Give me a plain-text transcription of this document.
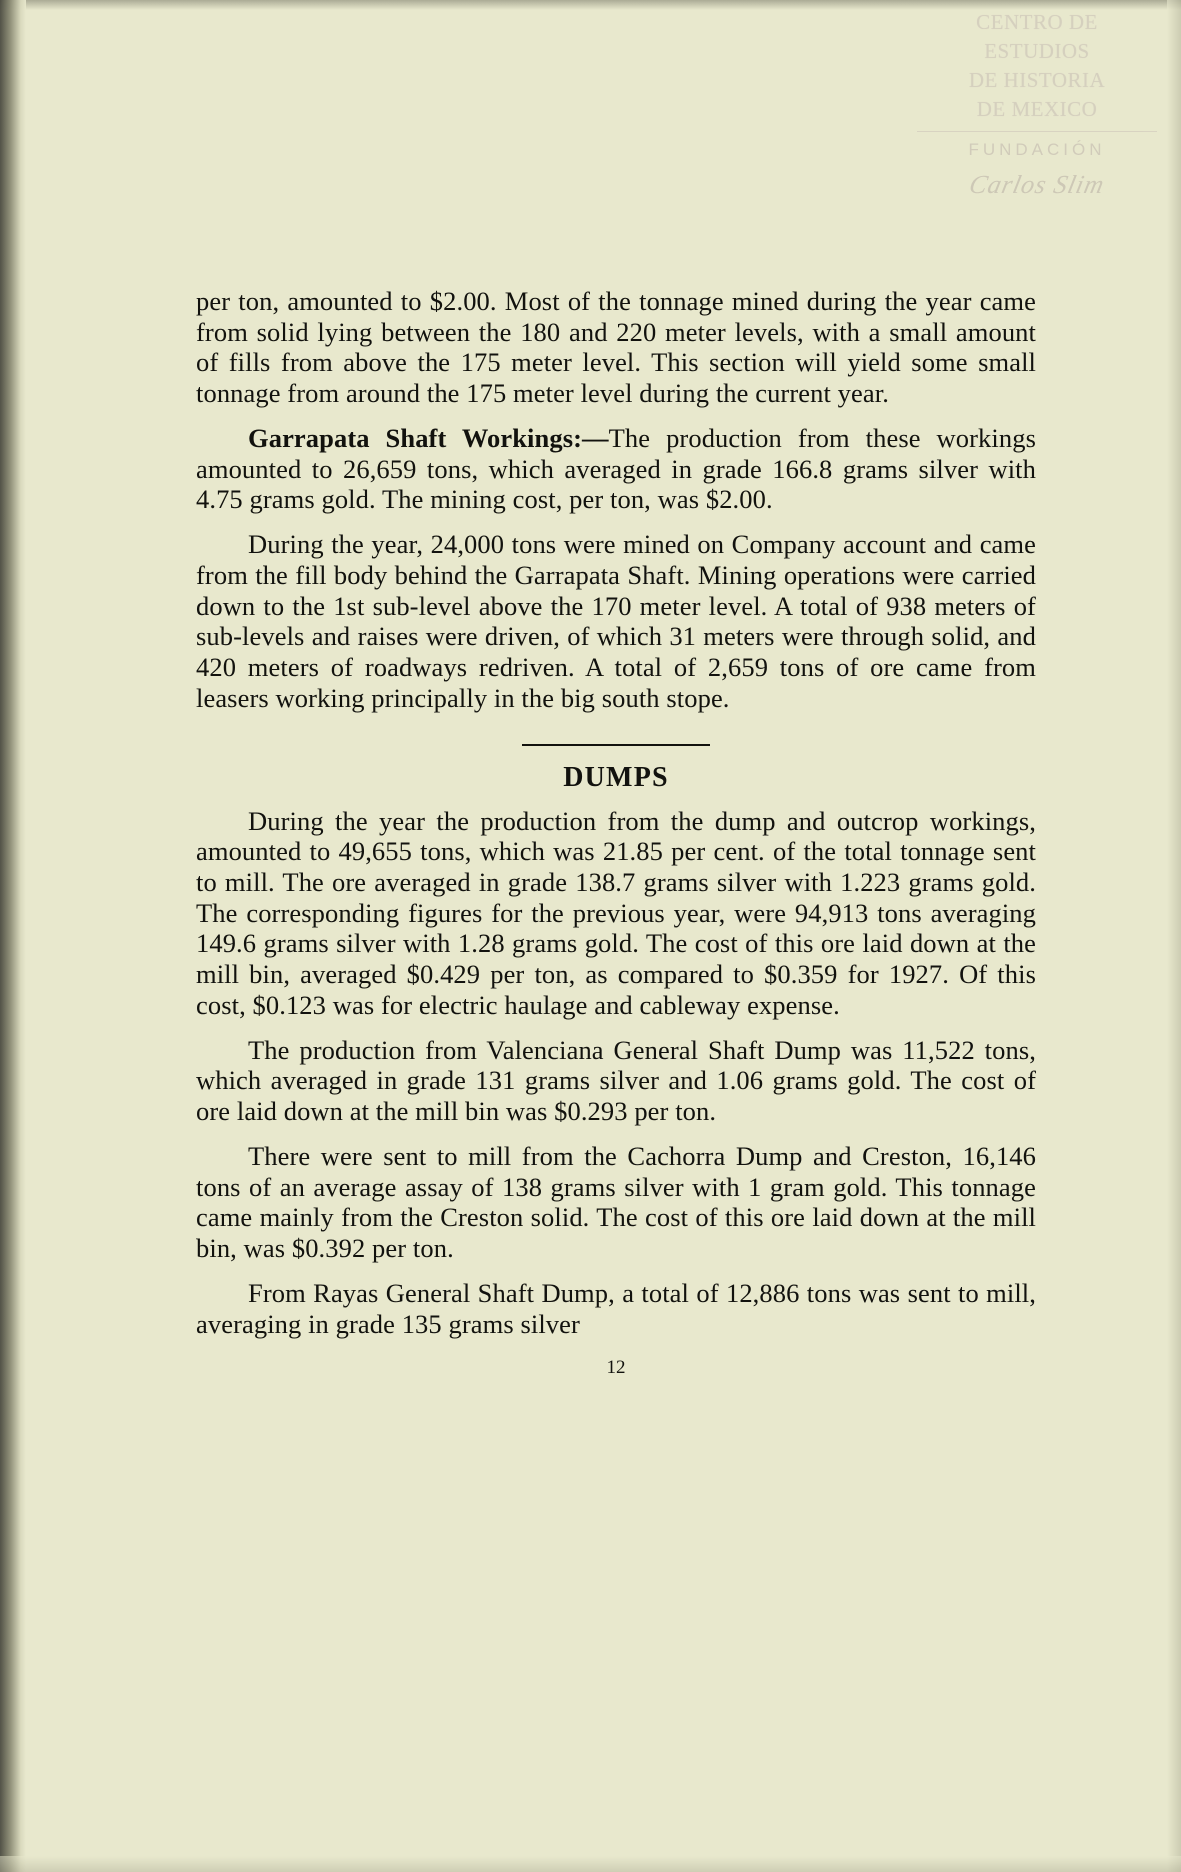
CENTRO DE
ESTUDIOS
DE HISTORIA
DE MEXICO
FUNDACIÓN
Carlos Slim

per ton, amounted to $2.00. Most of the tonnage mined during the year came from solid lying between the 180 and 220 meter levels, with a small amount of fills from above the 175 meter level. This section will yield some small tonnage from around the 175 meter level during the current year.

Garrapata Shaft Workings:—The production from these workings amounted to 26,659 tons, which averaged in grade 166.8 grams silver with 4.75 grams gold. The mining cost, per ton, was $2.00.

During the year, 24,000 tons were mined on Company account and came from the fill body behind the Garrapata Shaft. Mining operations were carried down to the 1st sub-level above the 170 meter level. A total of 938 meters of sub-levels and raises were driven, of which 31 meters were through solid, and 420 meters of roadways redriven. A total of 2,659 tons of ore came from leasers working principally in the big south stope.

DUMPS

During the year the production from the dump and outcrop workings, amounted to 49,655 tons, which was 21.85 per cent. of the total tonnage sent to mill. The ore averaged in grade 138.7 grams silver with 1.223 grams gold. The corresponding figures for the previous year, were 94,913 tons averaging 149.6 grams silver with 1.28 grams gold. The cost of this ore laid down at the mill bin, averaged $0.429 per ton, as compared to $0.359 for 1927. Of this cost, $0.123 was for electric haulage and cableway expense.

The production from Valenciana General Shaft Dump was 11,522 tons, which averaged in grade 131 grams silver and 1.06 grams gold. The cost of ore laid down at the mill bin was $0.293 per ton.

There were sent to mill from the Cachorra Dump and Creston, 16,146 tons of an average assay of 138 grams silver with 1 gram gold. This tonnage came mainly from the Creston solid. The cost of this ore laid down at the mill bin, was $0.392 per ton.

From Rayas General Shaft Dump, a total of 12,886 tons was sent to mill, averaging in grade 135 grams silver

12
